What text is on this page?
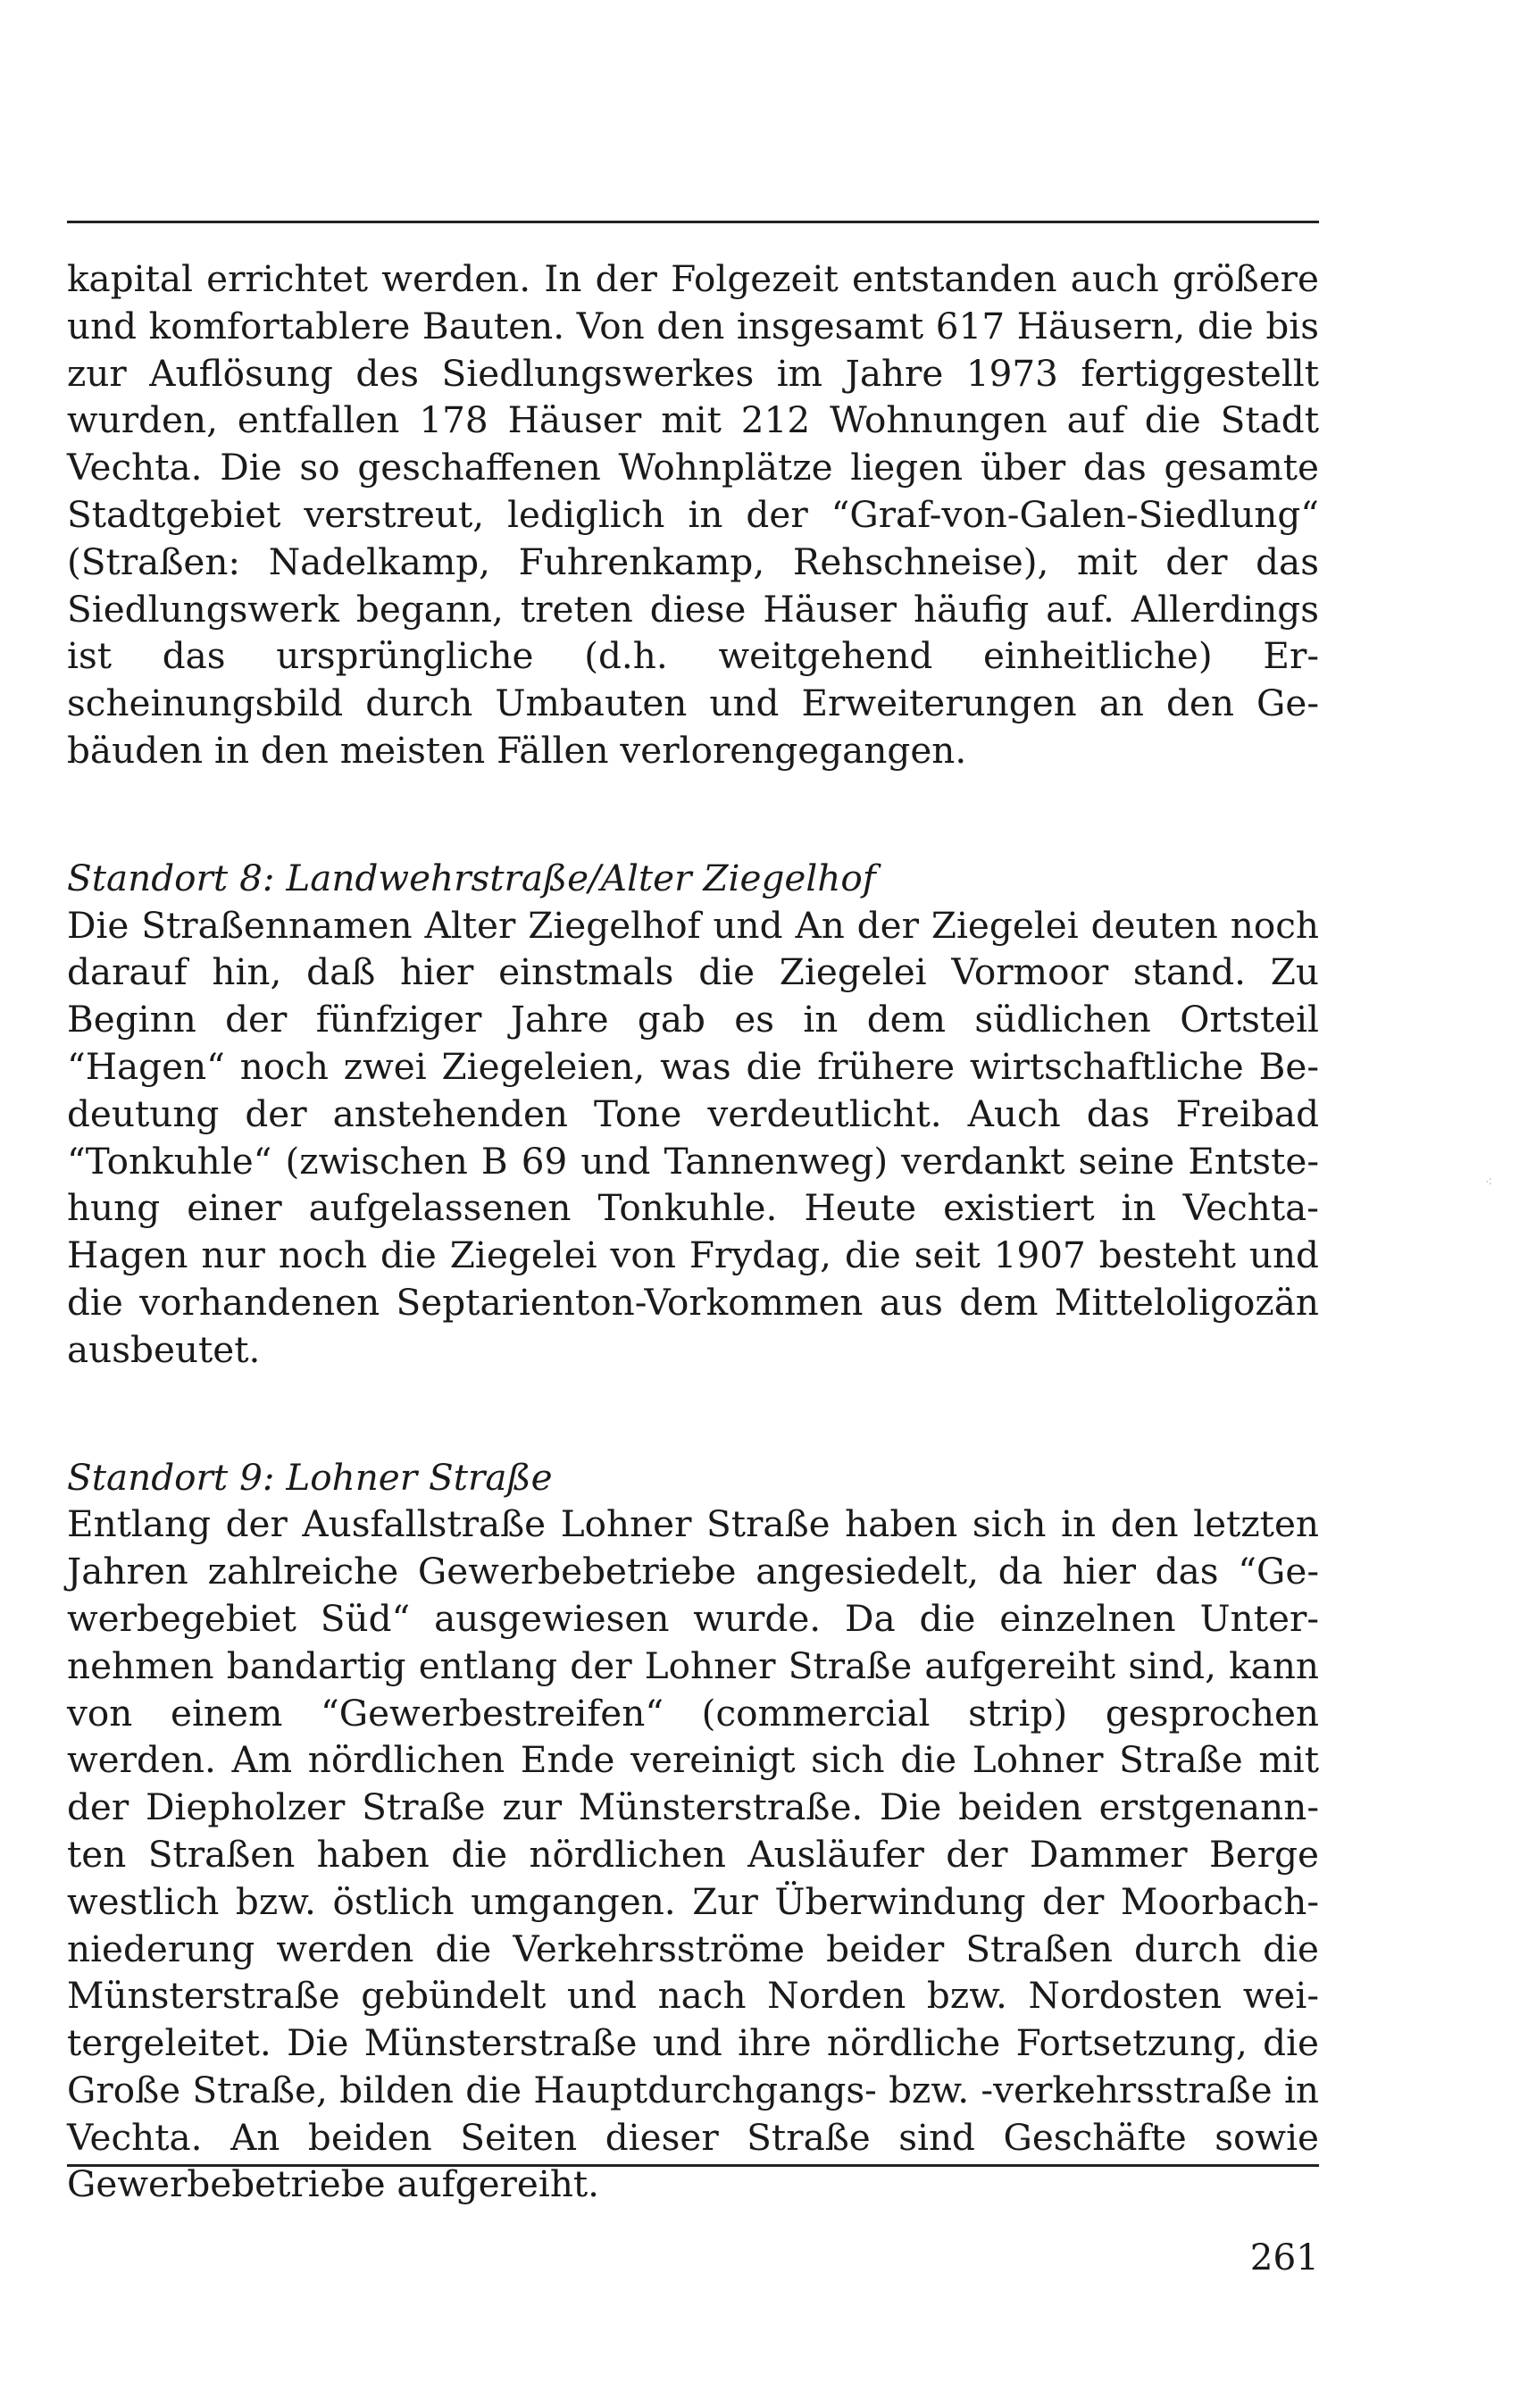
kapital errichtet werden. In der Folgezeit entstanden auch größere und komfortablere Bauten. Von den insgesamt 617 Häusern, die bis zur Auflösung des Siedlungswerkes im Jahre 1973 fertiggestellt wurden, entfallen 178 Häuser mit 212 Wohnungen auf die Stadt Vechta. Die so geschaffenen Wohnplätze liegen über das gesamte Stadtgebiet verstreut, lediglich in der “Graf-von-Galen-Siedlung“ (Straßen: Nadelkamp, Fuhrenkamp, Rehschneise), mit der das Siedlungswerk begann, treten diese Häuser häufig auf. Allerdings ist das ursprüngliche (d.h. weitgehend einheitliche) Erscheinungsbild durch Umbauten und Erweiterungen an den Gebäuden in den meisten Fällen verlorengegangen.

Standort 8: Landwehrstraße/Alter Ziegelhof

Die Straßennamen Alter Ziegelhof und An der Ziegelei deuten noch darauf hin, daß hier einstmals die Ziegelei Vormoor stand. Zu Beginn der fünfziger Jahre gab es in dem südlichen Ortsteil “Hagen“ noch zwei Ziegeleien, was die frühere wirtschaftliche Bedeutung der anstehenden Tone verdeutlicht. Auch das Freibad “Tonkuhle“ (zwischen B 69 und Tannenweg) verdankt seine Entstehung einer aufgelassenen Tonkuhle. Heute existiert in Vechta-Hagen nur noch die Ziegelei von Frydag, die seit 1907 besteht und die vorhandenen Septarienton-Vorkommen aus dem Mitteloligozän ausbeutet.

Standort 9: Lohner Straße

Entlang der Ausfallstraße Lohner Straße haben sich in den letzten Jahren zahlreiche Gewerbebetriebe angesiedelt, da hier das “Gewerbegebiet Süd“ ausgewiesen wurde. Da die einzelnen Unternehmen bandartig entlang der Lohner Straße aufgereiht sind, kann von einem “Gewerbestreifen“ (commercial strip) gesprochen werden. Am nördlichen Ende vereinigt sich die Lohner Straße mit der Diepholzer Straße zur Münsterstraße. Die beiden erstgenannten Straßen haben die nördlichen Ausläufer der Dammer Berge westlich bzw. östlich umgangen. Zur Überwindung der Moorbachniederung werden die Verkehrsströme beider Straßen durch die Münsterstraße gebündelt und nach Norden bzw. Nordosten weitergeleitet. Die Münsterstraße und ihre nördliche Fortsetzung, die Große Straße, bilden die Hauptdurchgangs- bzw. -verkehrsstraße in Vechta. An beiden Seiten dieser Straße sind Geschäfte sowie Gewerbebetriebe aufgereiht.

⁖
261
